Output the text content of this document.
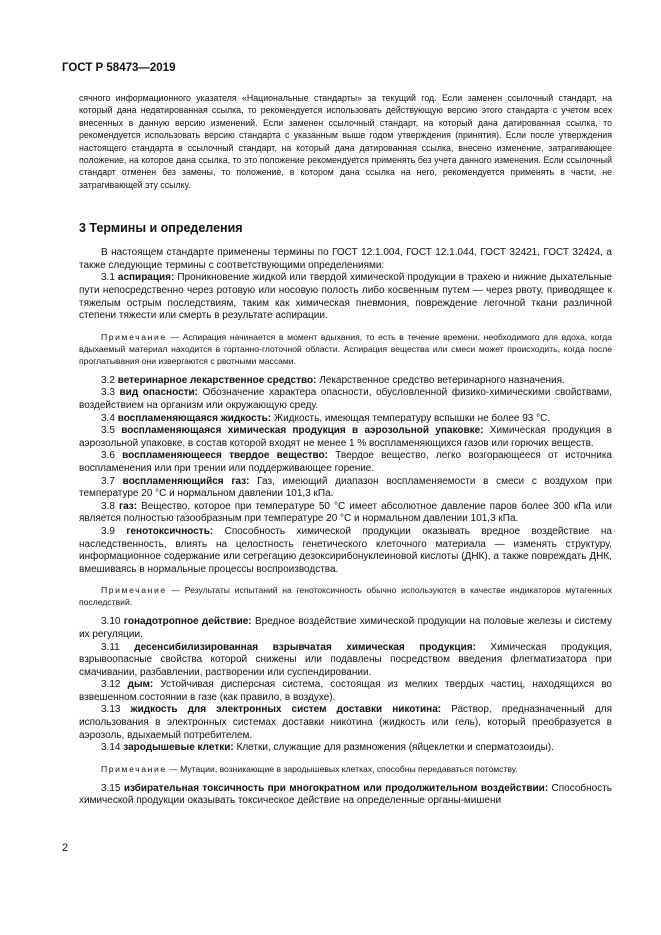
ГОСТ Р 58473—2019

сячного информационного указателя «Национальные стандарты» за текущий год. Если заменен ссылочный стандарт, на который дана недатированная ссылка, то рекомендуется использовать действующую версию этого стандарта с учетом всех внесенных в данную версию изменений. Если заменен ссылочный стандарт, на который дана датированная ссылка, то рекомендуется использовать версию стандарта с указанным выше годом утверждения (принятия). Если после утверждения настоящего стандарта в ссылочный стандарт, на который дана датированная ссылка, внесено изменение, затрагивающее положение, на которое дана ссылка, то это положение рекомендуется применять без учета данного изменения. Если ссылочный стандарт отменен без замены, то положение, в котором дана ссылка на него, рекомендуется применять в части, не затрагивающей эту ссылку.

3 Термины и определения

В настоящем стандарте применены термины по ГОСТ 12.1.004, ГОСТ 12.1.044, ГОСТ 32421, ГОСТ 32424, а также следующие термины с соответствующими определениями:

3.1 аспирация: Проникновение жидкой или твердой химической продукции в трахею и нижние дыхательные пути непосредственно через ротовую или носовую полость либо косвенным путем — через рвоту, приводящее к тяжелым острым последствиям, таким как химическая пневмония, повреждение легочной ткани различной степени тяжести или смерть в результате аспирации.

Примечание — Аспирация начинается в момент вдыхания, то есть в течение времени, необходимого для вдоха, когда вдыхаемый материал находится в гортанно-глоточной области. Аспирация вещества или смеси может происходить, когда после проглатывания они извергаются с рвотными массами.

3.2 ветеринарное лекарственное средство: Лекарственное средство ветеринарного назначения.

3.3 вид опасности: Обозначение характера опасности, обусловленной физико-химическими свойствами, воздействием на организм или окружающую среду.

3.4 воспламеняющаяся жидкость: Жидкость, имеющая температуру вспышки не более 93 °С.

3.5 воспламеняющаяся химическая продукция в аэрозольной упаковке: Химическая продукция в аэрозольной упаковке, в состав которой входят не менее 1 % воспламеняющихся газов или горючих веществ.

3.6 воспламеняющееся твердое вещество: Твердое вещество, легко возгорающееся от источника воспламенения или при трении или поддерживающее горение.

3.7 воспламеняющийся газ: Газ, имеющий диапазон воспламеняемости в смеси с воздухом при температуре 20 °С и нормальном давлении 101,3 кПа.

3.8 газ: Вещество, которое при температуре 50 °С имеет абсолютное давление паров более 300 кПа или является полностью газообразным при температуре 20 °С и нормальном давлении 101,3 кПа.

3.9 генотоксичность: Способность химической продукции оказывать вредное воздействие на наследственность, влиять на целостность генетического клеточного материала — изменять структуру, информационное содержание или сегрегацию дезоксирибонуклеиновой кислоты (ДНК), а также повреждать ДНК, вмешиваясь в нормальные процессы воспроизводства.

Примечание — Результаты испытаний на генотоксичность обычно используются в качестве индикаторов мутагенных последствий.

3.10 гонадотропное действие: Вредное воздействие химической продукции на половые железы и систему их регуляции.

3.11 десенсибилизированная взрывчатая химическая продукция: Химическая продукция, взрывоопасные свойства которой снижены или подавлены посредством введения флегматизатора при смачивании, разбавлении, растворении или суспендировании.

3.12 дым: Устойчивая дисперсная система, состоящая из мелких твердых частиц, находящихся во взвешенном состоянии в газе (как правило, в воздухе).

3.13 жидкость для электронных систем доставки никотина: Раствор, предназначенный для использования в электронных системах доставки никотина (жидкость или гель), который преобразуется в аэрозоль, вдыхаемый потребителем.

3.14 зародышевые клетки: Клетки, служащие для размножения (яйцеклетки и сперматозоиды).

Примечание — Мутации, возникающие в зародышевых клетках, способны передаваться потомству.

3.15 избирательная токсичность при многократном или продолжительном воздействии: Способность химической продукции оказывать токсическое действие на определенные органы-мишени

2
